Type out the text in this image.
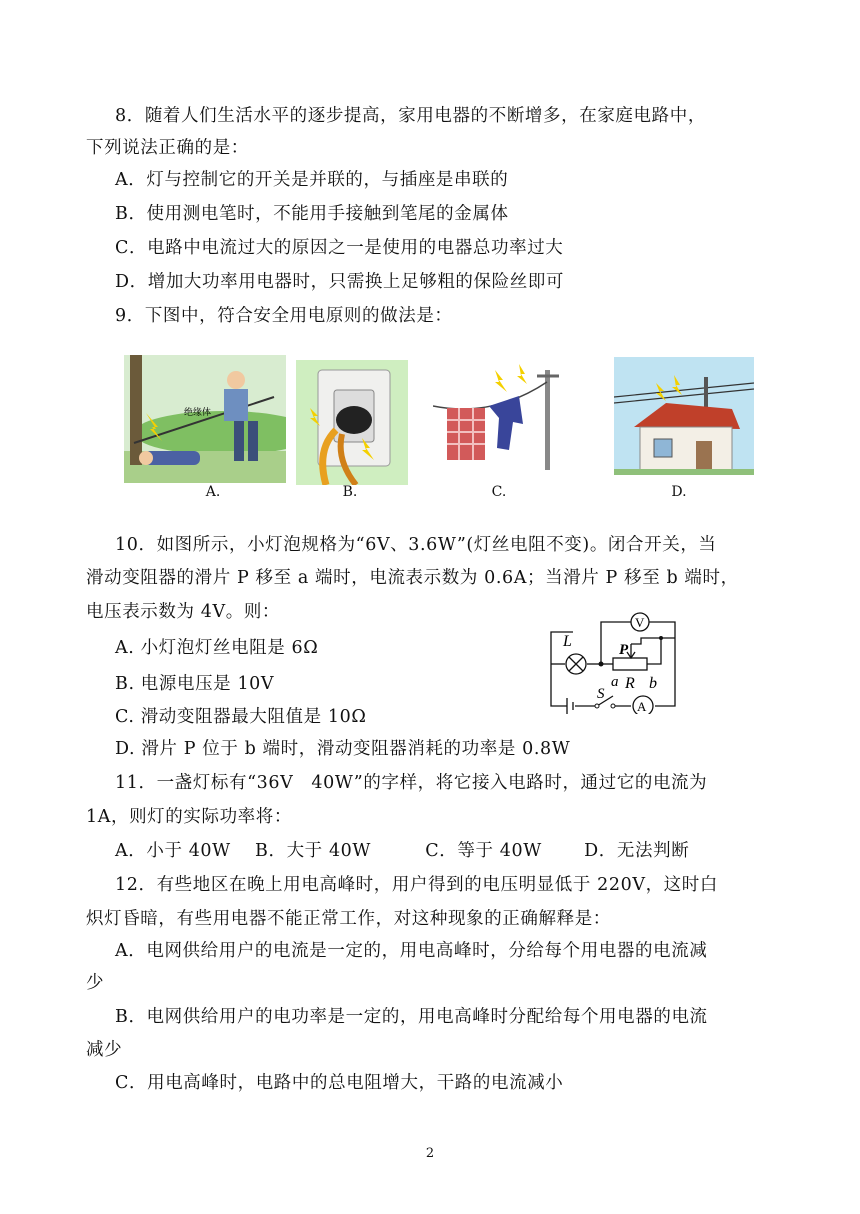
8．随着人们生活水平的逐步提高，家用电器的不断增多，在家庭电路中，
下列说法正确的是：
A．灯与控制它的开关是并联的，与插座是串联的
B．使用测电笔时，不能用手接触到笔尾的金属体
C．电路中电流过大的原因之一是使用的电器总功率过大
D．增加大功率用电器时，只需换上足够粗的保险丝即可
9．下图中，符合安全用电原则的做法是：
绝缘体
A.	B.	C.	D.
10．如图所示，小灯泡规格为“6V、3.6W”(灯丝电阻不变)。闭合开关，当
滑动变阻器的滑片 P 移至 a 端时，电流表示数为 0.6A；当滑片 P 移至 b 端时，
电压表示数为 4V。则：
A. 小灯泡灯丝电阻是 6Ω
B. 电源电压是 10V
C. 滑动变阻器最大阻值是 10Ω
D. 滑片 P 位于 b 端时，滑动变阻器消耗的功率是 0.8W
V
A
L	P
a R b
S
11．一盏灯标有“36V　40W”的字样，将它接入电路时，通过它的电流为
1A，则灯的实际功率将：
A．小于 40W　 B．大于 40W　　　C．等于 40W　　 D．无法判断
12．有些地区在晚上用电高峰时，用户得到的电压明显低于 220V，这时白
炽灯昏暗，有些用电器不能正常工作，对这种现象的正确解释是：
A．电网供给用户的电流是一定的，用电高峰时，分给每个用电器的电流减
少
B．电网供给用户的电功率是一定的，用电高峰时分配给每个用电器的电流
减少
C．用电高峰时，电路中的总电阻增大，干路的电流减小
2
